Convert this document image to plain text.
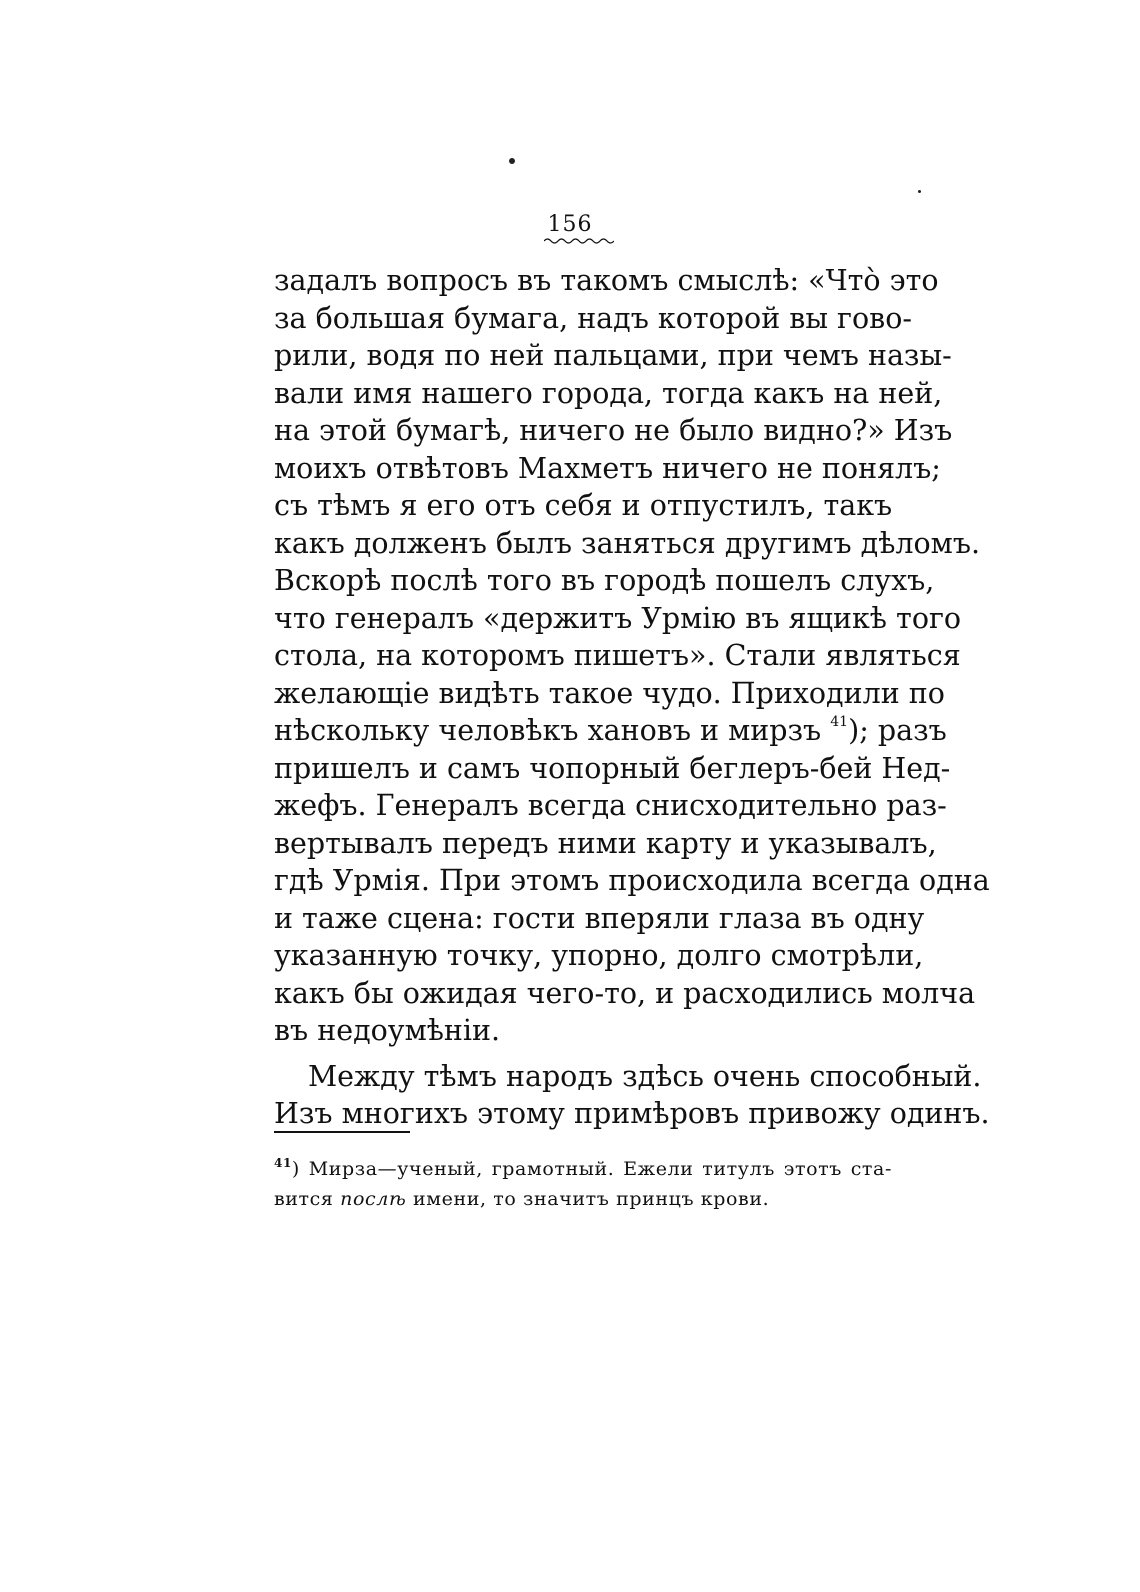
156
задалъ вопросъ въ такомъ смыслѣ: «Что̀ это
за большая бумага, надъ которой вы гово-
рили, водя по ней пальцами, при чемъ назы-
вали имя нашего города, тогда какъ на ней,
на этой бумагѣ, ничего не было видно?» Изъ
моихъ отвѣтовъ Махметъ ничего не понялъ;
съ тѣмъ я его отъ себя и отпустилъ, такъ
какъ долженъ былъ заняться другимъ дѣломъ.
Вскорѣ послѣ того въ городѣ пошелъ слухъ,
что генералъ «держитъ Урмію въ ящикѣ того
стола, на которомъ пишетъ». Стали являться
желающіе видѣть такое чудо. Приходили по
нѣскольку человѣкъ хановъ и мирзъ $^{41}$); разъ
пришелъ и самъ чопорный беглеръ-бей Нед-
жефъ. Генералъ всегда снисходительно раз-
вертывалъ передъ ними карту и указывалъ,
гдѣ Урмія. При этомъ происходила всегда одна
и таже сцена: гости вперяли глаза въ одну
указанную точку, упорно, долго смотрѣли,
какъ бы ожидая чего-то, и расходились молча
въ недоумѣніи.
Между тѣмъ народъ здѣсь очень способный.
Изъ многихъ этому примѣровъ привожу одинъ.
$^{41}$) Мирза—ученый, грамотный. Ежели титулъ этотъ ста-
вится послѣ имени, то значитъ принцъ крови.
